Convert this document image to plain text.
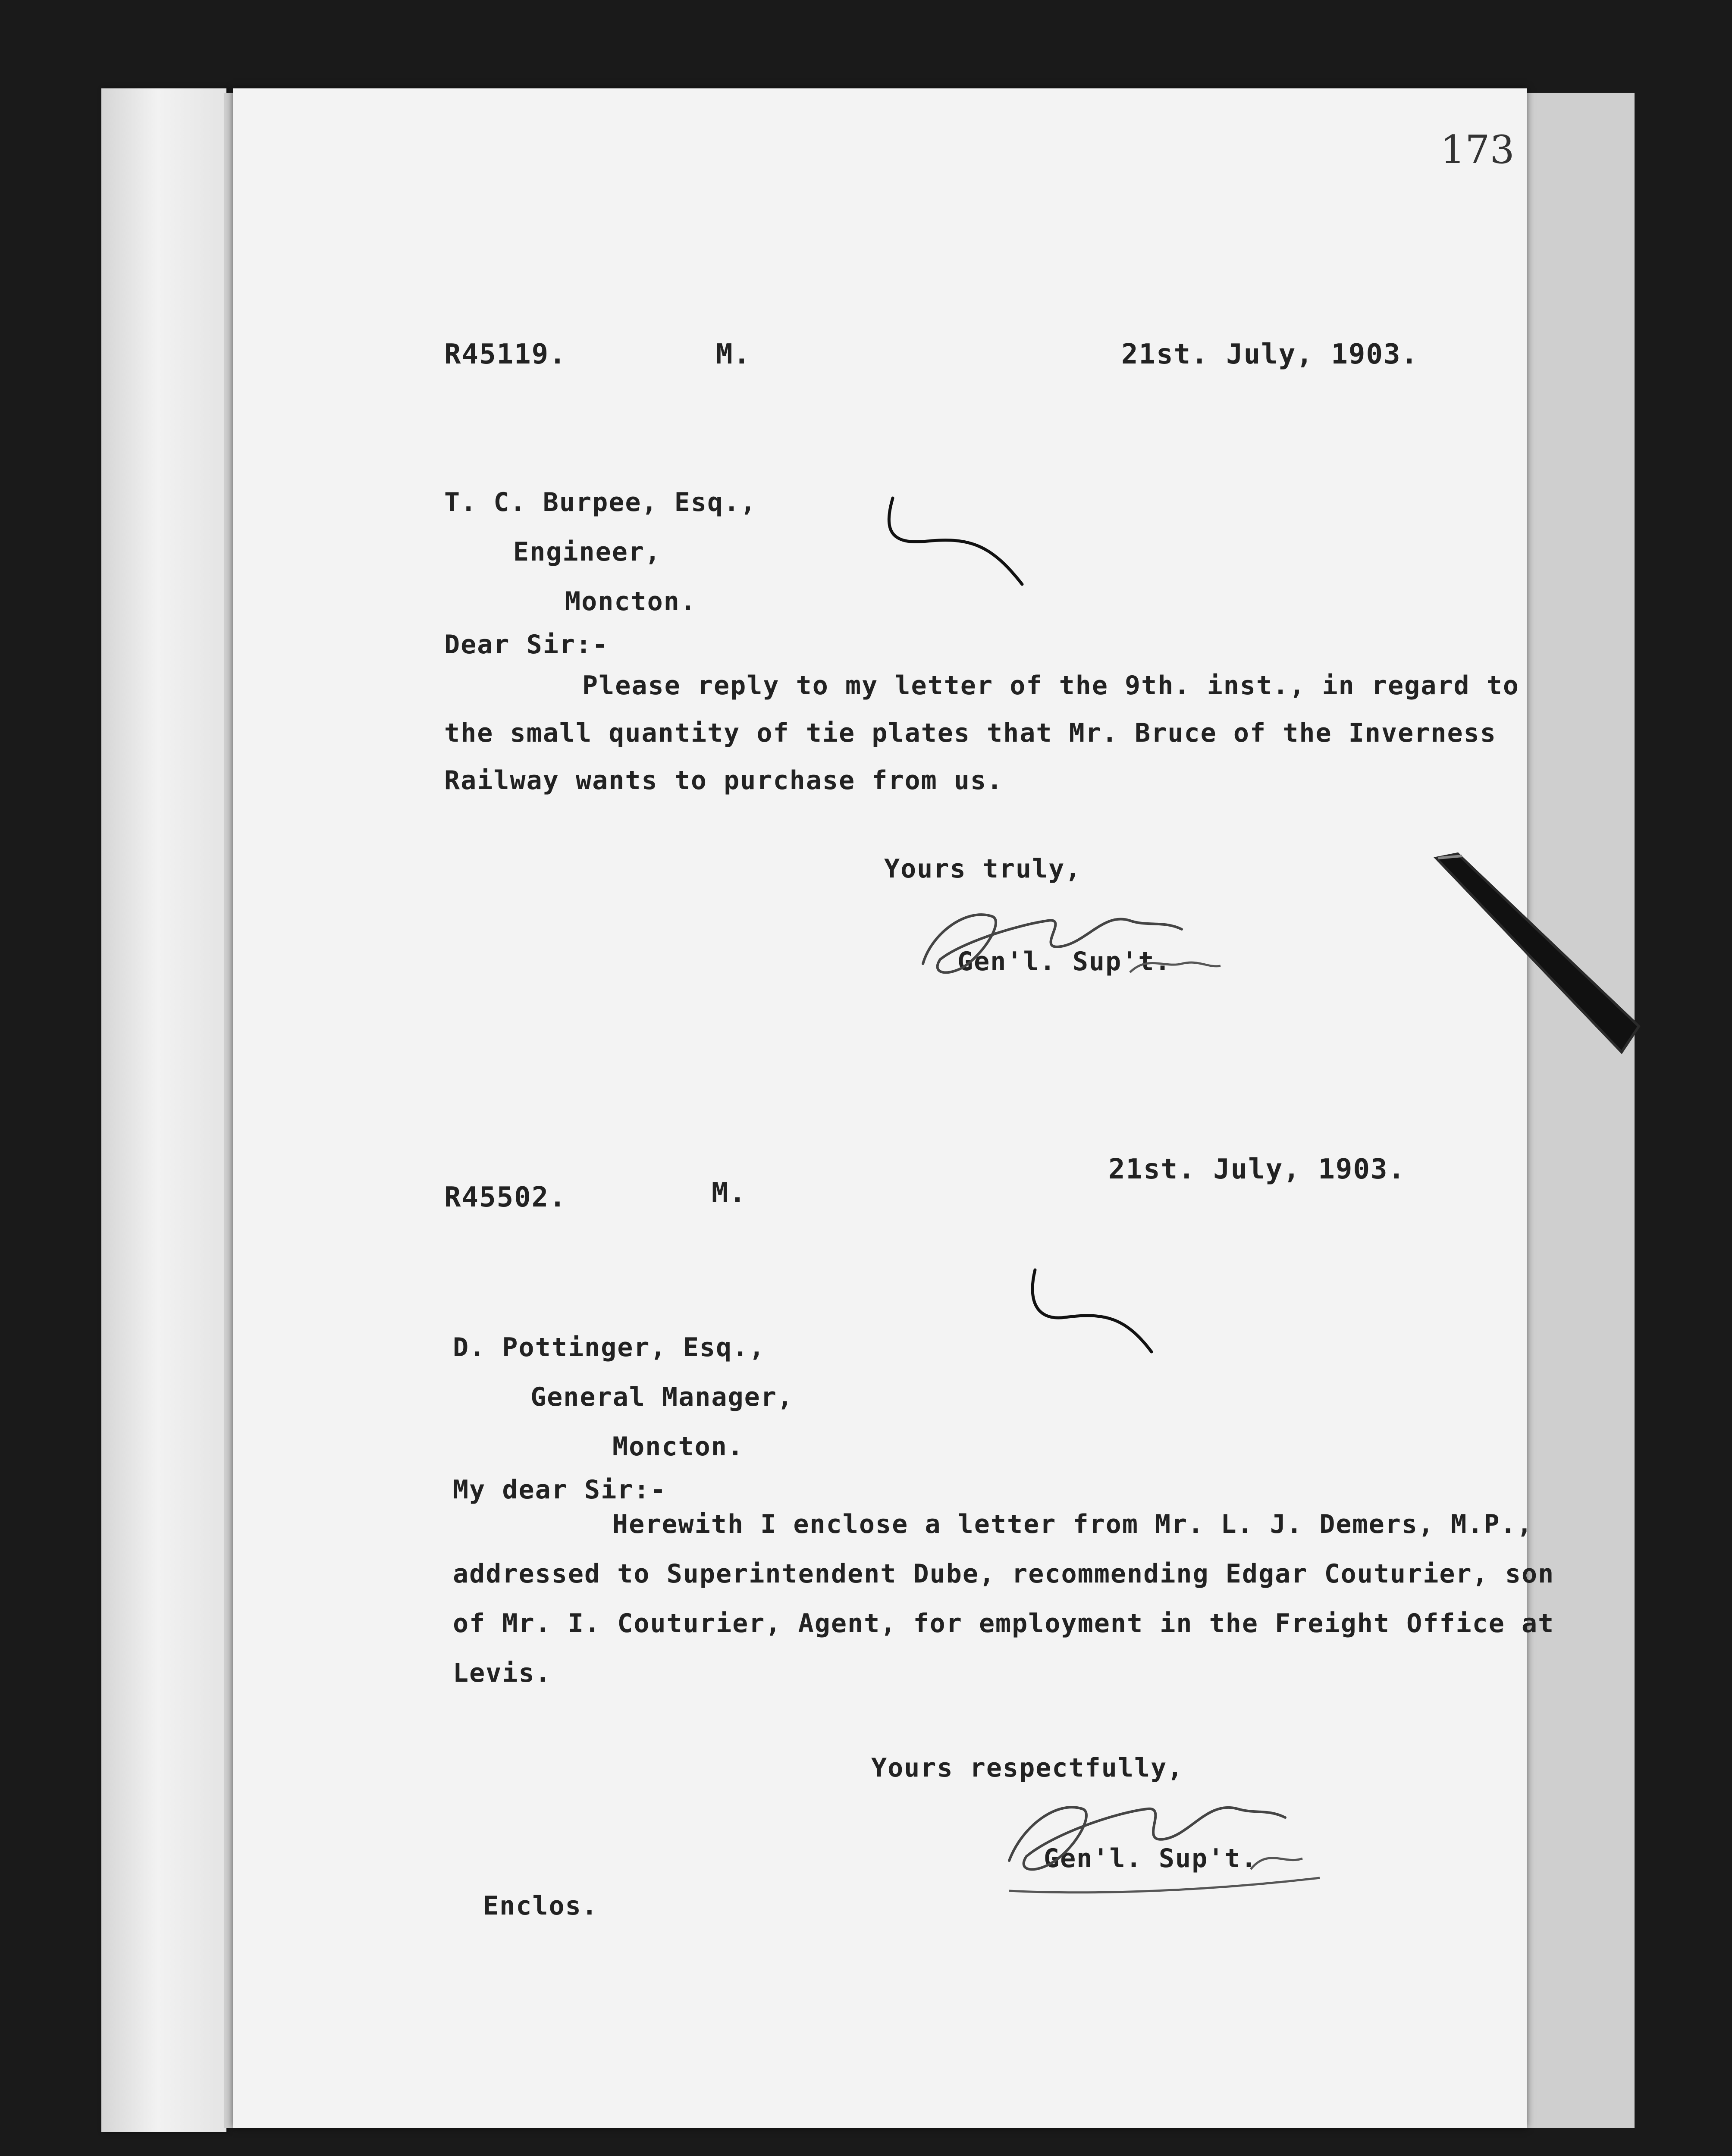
173
R45119.	M.	21st. July, 1903.
T. C. Burpee, Esq.,
Engineer,
Moncton.
Dear Sir:-
Please reply to my letter of the 9th. inst., in regard to
the small quantity of tie plates that Mr. Bruce of the Inverness
Railway wants to purchase from us.
Yours truly,
Gen'l. Sup't.
R45502.	M.
21st. July, 1903.
D. Pottinger, Esq.,
General Manager,
Moncton.
My dear Sir:-
Herewith I enclose a letter from Mr. L. J. Demers, M.P.,
addressed to Superintendent Dube, recommending Edgar Couturier, son
of Mr. I. Couturier, Agent, for employment in the Freight Office at
Levis.
Yours respectfully,
Gen'l. Sup't.
Enclos.
